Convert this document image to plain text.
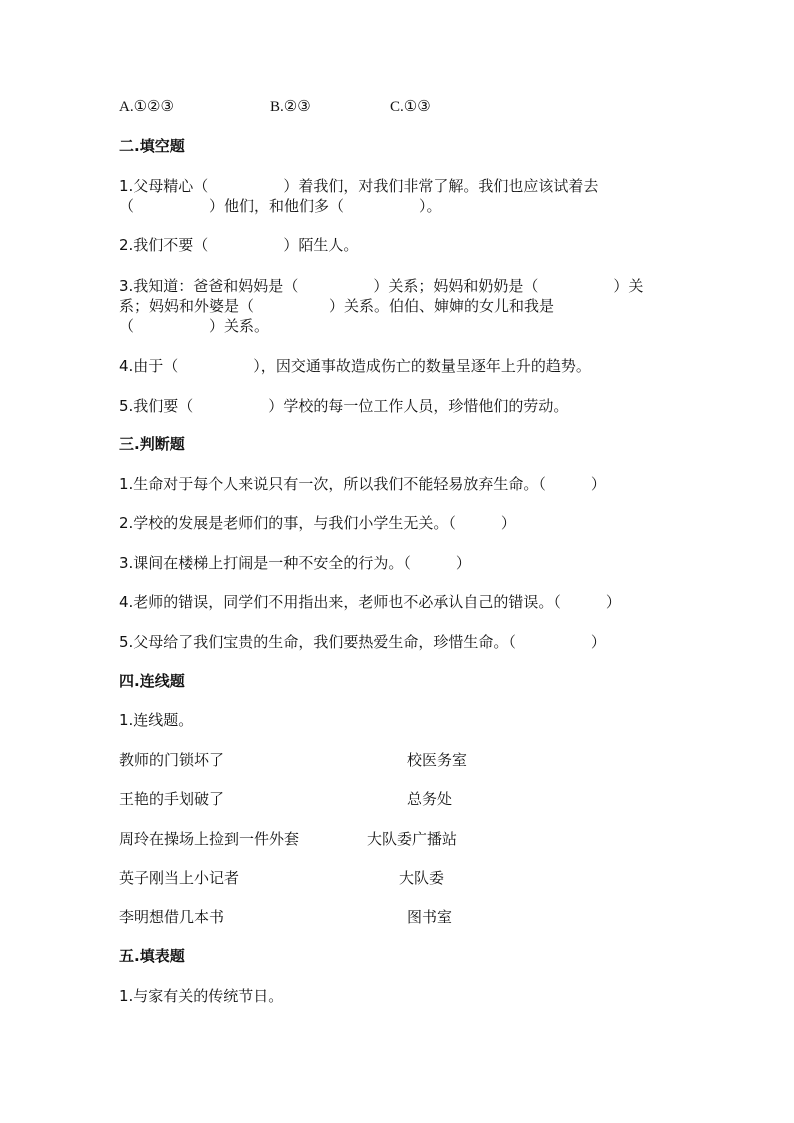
A.①②③	B.②③	C.①③
二.填空题
1.父母精心（　　　　　）着我们，对我们非常了解。我们也应该试着去
（　　　　　）他们，和他们多（　　　　　）。
2.我们不要（　　　　　）陌生人。
3.我知道：爸爸和妈妈是（　　　　　）关系；妈妈和奶奶是（　　　　　）关
系；妈妈和外婆是（　　　　　）关系。伯伯、婶婶的女儿和我是
（　　　　　）关系。
4.由于（　　　　　），因交通事故造成伤亡的数量呈逐年上升的趋势。
5.我们要（　　　　　）学校的每一位工作人员，珍惜他们的劳动。
三.判断题
1.生命对于每个人来说只有一次，所以我们不能轻易放弃生命。（　　　）
2.学校的发展是老师们的事，与我们小学生无关。（　　　）
3.课间在楼梯上打闹是一种不安全的行为。（　　　）
4.老师的错误，同学们不用指出来，老师也不必承认自己的错误。（　　　）
5.父母给了我们宝贵的生命，我们要热爱生命，珍惜生命。（　　　　　）
四.连线题
1.连线题。
教师的门锁坏了	校医务室
王艳的手划破了	总务处
周玲在操场上捡到一件外套	大队委广播站
英子刚当上小记者	大队委
李明想借几本书	图书室
五.填表题
1.与家有关的传统节日。
